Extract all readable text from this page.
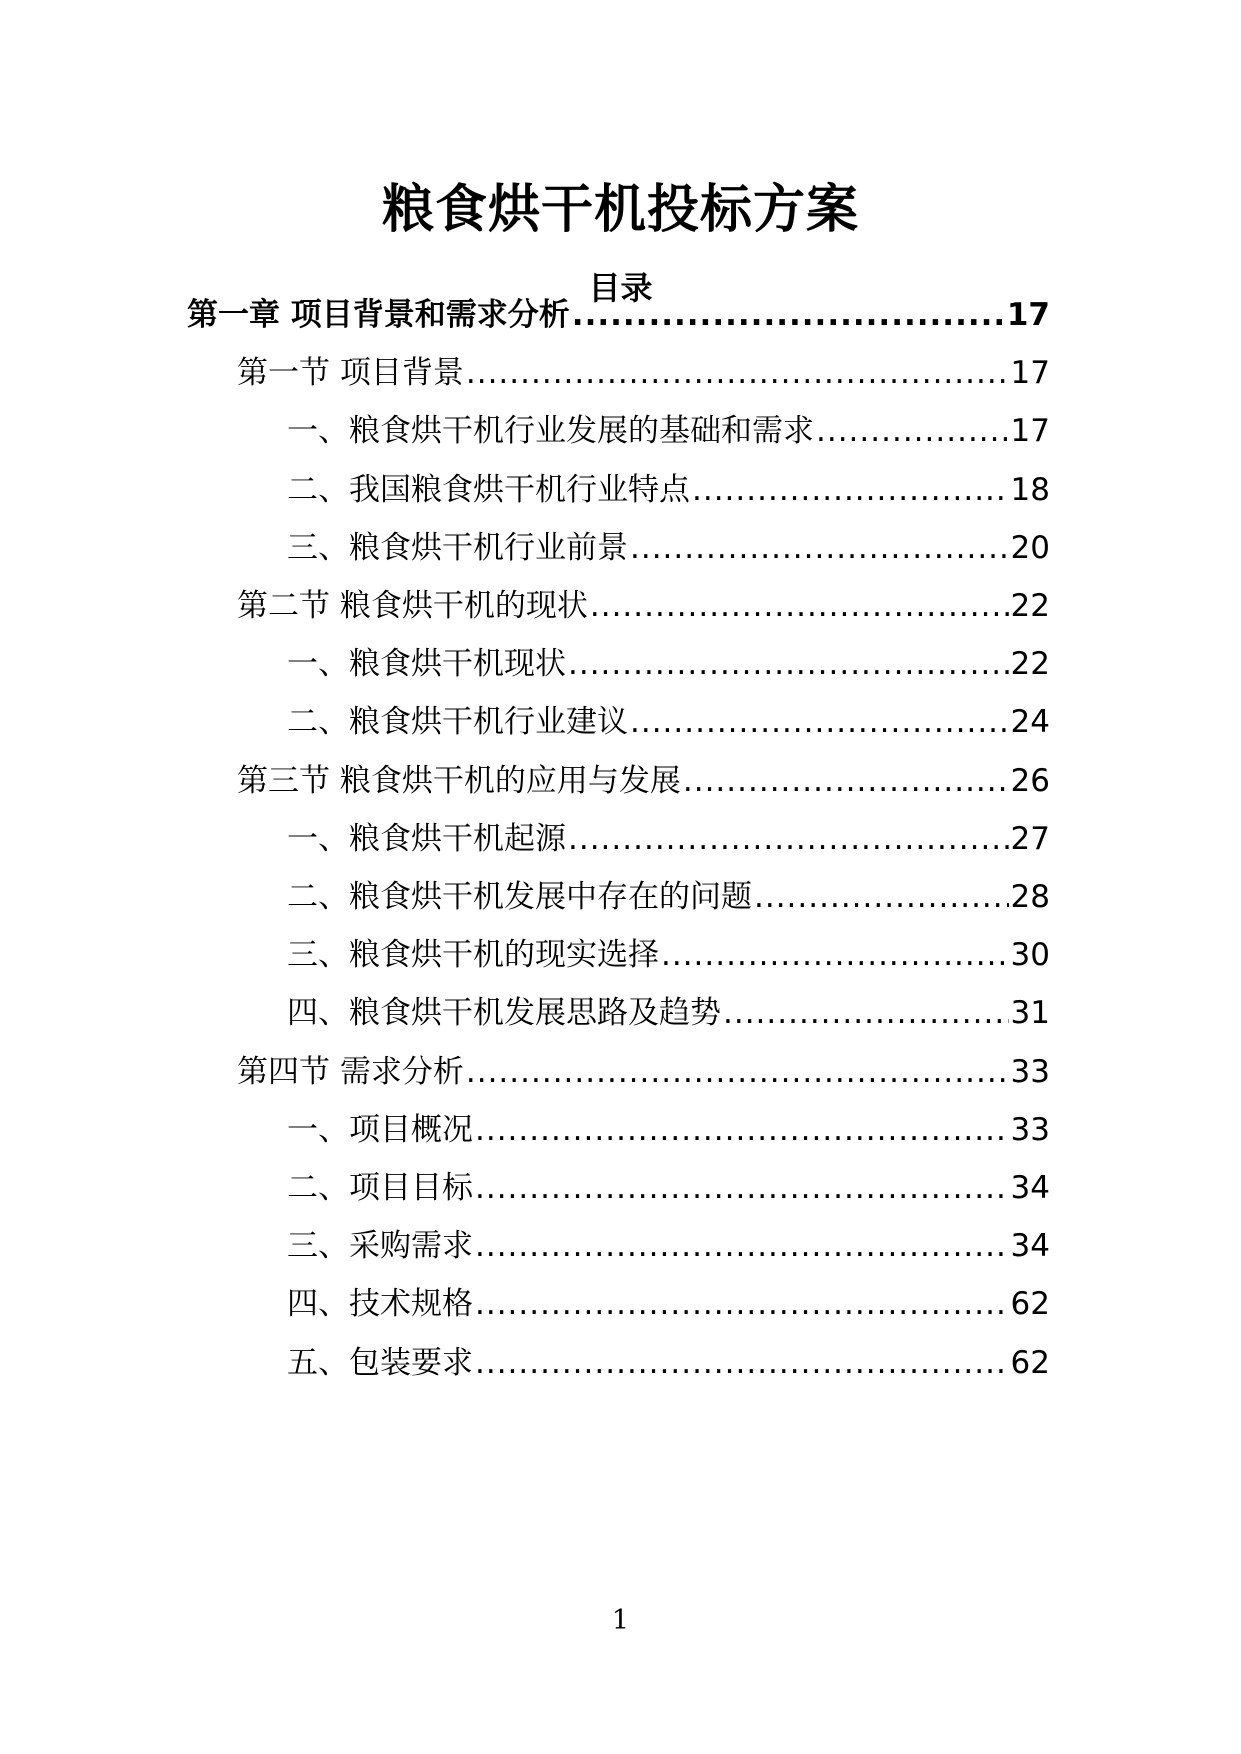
粮食烘干机投标方案
目录
第一章 项目背景和需求分析 .....	17
第一节 项目背景 .....	17
一、粮食烘干机行业发展的基础和需求 .....	17
二、我国粮食烘干机行业特点 .....	18
三、粮食烘干机行业前景 .....	20
第二节 粮食烘干机的现状 .....	22
一、粮食烘干机现状 .....	22
二、粮食烘干机行业建议 .....	24
第三节 粮食烘干机的应用与发展 .....	26
一、粮食烘干机起源 .....	27
二、粮食烘干机发展中存在的问题 .....	28
三、粮食烘干机的现实选择 .....	30
四、粮食烘干机发展思路及趋势 .....	31
第四节 需求分析 .....	33
一、项目概况 .....	33
二、项目目标 .....	34
三、采购需求 .....	34
四、技术规格 .....	62
五、包装要求 .....	62
1
